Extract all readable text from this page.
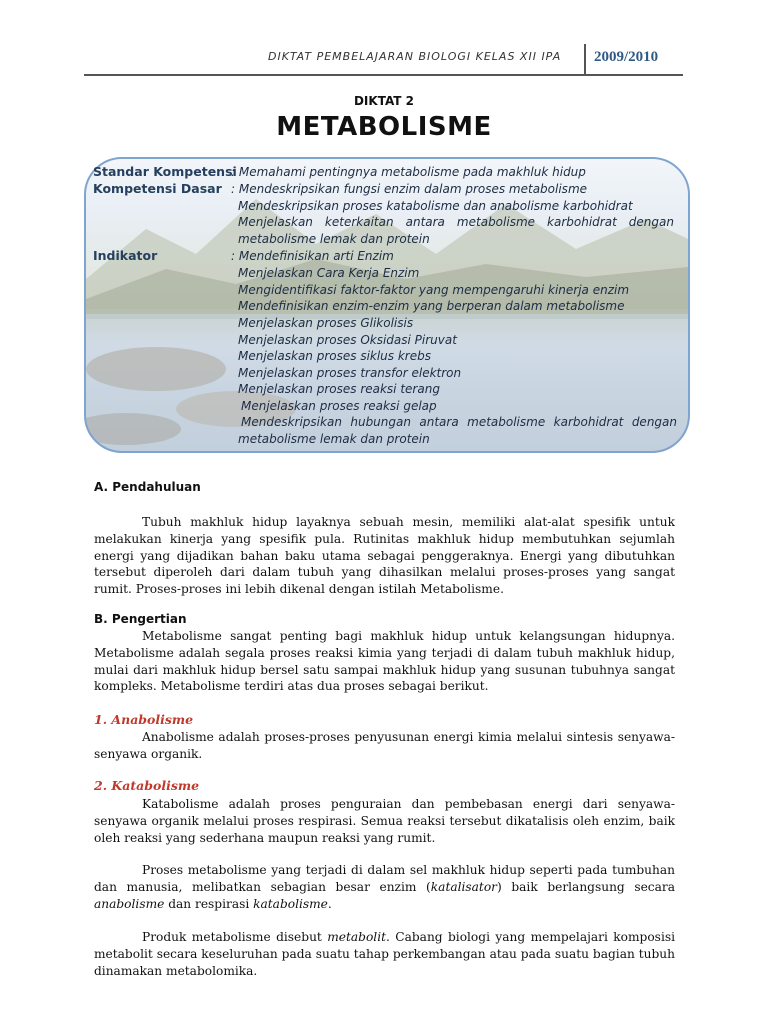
DIKTAT PEMBELAJARAN BIOLOGI KELAS XII IPA 2009/2010
DIKTAT 2
METABOLISME
Standar Kompetensi
: Memahami pentingnya metabolisme pada makhluk hidup
Kompetensi Dasar : Mendeskripsikan fungsi enzim dalam proses metabolisme
Mendeskripsikan proses katabolisme dan anabolisme karbohidrat
Menjelaskan keterkaitan antara metabolisme karbohidrat dengan
metabolisme lemak dan protein
Indikator	: Mendefinisikan arti Enzim
Menjelaskan Cara Kerja Enzim
Mengidentifikasi faktor-faktor yang mempengaruhi kinerja enzim
Mendefinisikan enzim-enzim yang berperan dalam metabolisme
Menjelaskan proses Glikolisis
Menjelaskan proses Oksidasi Piruvat
Menjelaskan proses siklus krebs
Menjelaskan proses transfor elektron
Menjelaskan proses reaksi terang
Menjelaskan proses reaksi gelap
Mendeskripsikan hubungan antara metabolisme karbohidrat dengan
metabolisme lemak dan protein
A. Pendahuluan

Tubuh makhluk hidup layaknya sebuah mesin, memiliki alat-alat spesifik untuk melakukan kinerja yang spesifik pula. Rutinitas makhluk hidup membutuhkan sejumlah energi yang dijadikan bahan baku utama sebagai penggeraknya. Energi yang dibutuhkan tersebut diperoleh dari dalam tubuh yang dihasilkan melalui proses-proses yang sangat rumit. Proses-proses ini lebih dikenal dengan istilah Metabolisme.

B. Pengertian

Metabolisme sangat penting bagi makhluk hidup untuk kelangsungan hidupnya. Metabolisme adalah segala proses reaksi kimia yang terjadi di dalam tubuh makhluk hidup, mulai dari makhluk hidup bersel satu sampai makhluk hidup yang susunan tubuhnya sangat kompleks. Metabolisme terdiri atas dua proses sebagai berikut.

1. Anabolisme

Anabolisme adalah proses-proses penyusunan energi kimia melalui sintesis senyawa-senyawa organik.

2. Katabolisme

Katabolisme adalah proses penguraian dan pembebasan energi dari senyawa-senyawa organik melalui proses respirasi. Semua reaksi tersebut dikatalisis oleh enzim, baik oleh reaksi yang sederhana maupun reaksi yang rumit.

Proses metabolisme yang terjadi di dalam sel makhluk hidup seperti pada tumbuhan dan manusia, melibatkan sebagian besar enzim (katalisator) baik berlangsung secara anabolisme dan respirasi katabolisme.

Produk metabolisme disebut metabolit. Cabang biologi yang mempelajari komposisi metabolit secara keseluruhan pada suatu tahap perkembangan atau pada suatu bagian tubuh dinamakan metabolomika.
